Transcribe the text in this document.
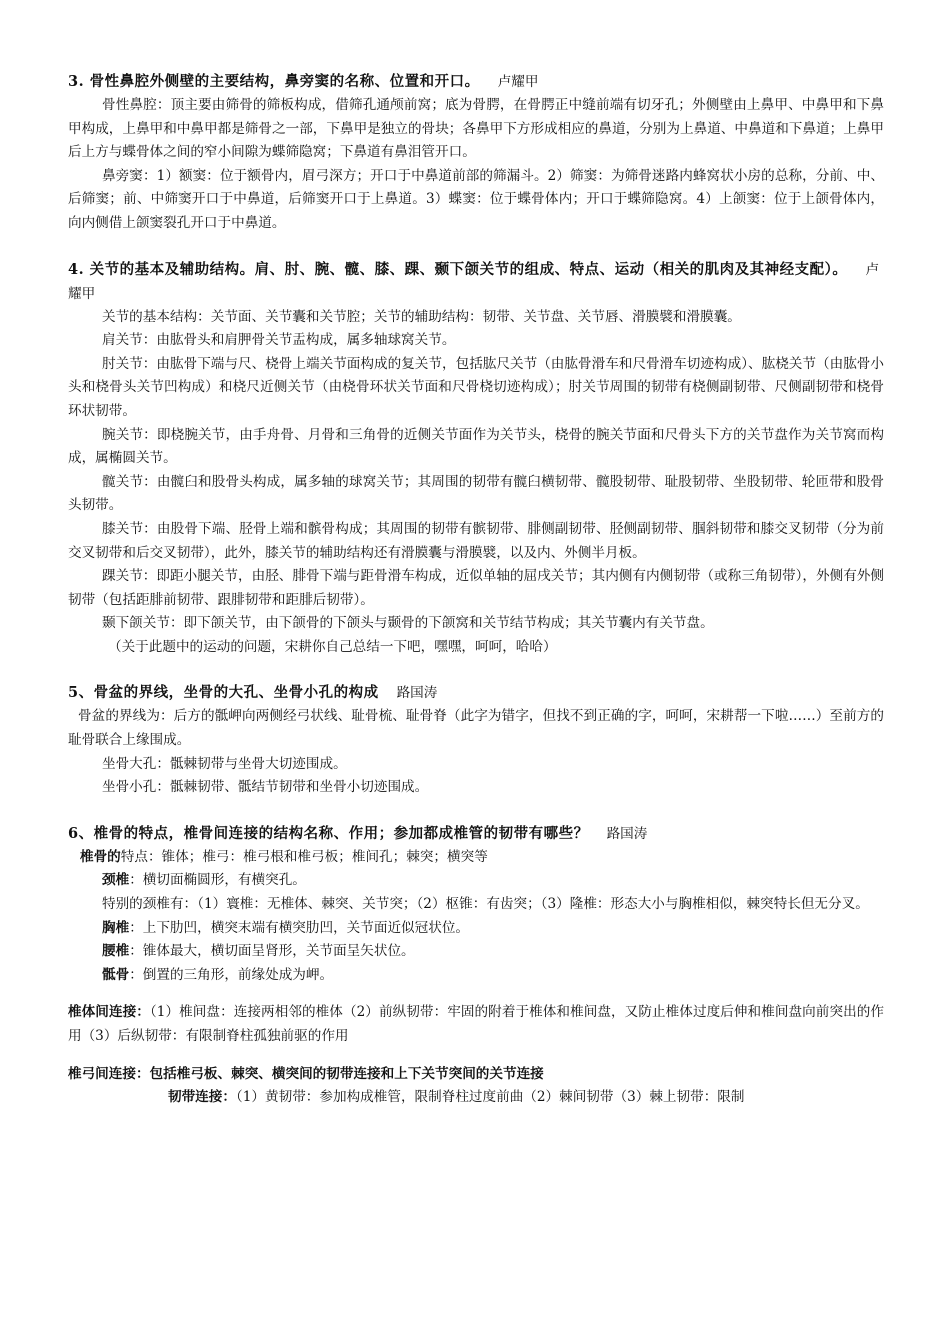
3. 骨性鼻腔外侧壁的主要结构，鼻旁窦的名称、位置和开口。 卢耀甲

骨性鼻腔：顶主要由筛骨的筛板构成，借筛孔通颅前窝；底为骨腭，在骨腭正中缝前端有切牙孔；外侧壁由上鼻甲、中鼻甲和下鼻甲构成，上鼻甲和中鼻甲都是筛骨之一部，下鼻甲是独立的骨块；各鼻甲下方形成相应的鼻道，分别为上鼻道、中鼻道和下鼻道；上鼻甲后上方与蝶骨体之间的窄小间隙为蝶筛隐窝；下鼻道有鼻泪管开口。

鼻旁窦：1）额窦：位于额骨内，眉弓深方；开口于中鼻道前部的筛漏斗。2）筛窦：为筛骨迷路内蜂窝状小房的总称，分前、中、后筛窦；前、中筛窦开口于中鼻道，后筛窦开口于上鼻道。3）蝶窦：位于蝶骨体内；开口于蝶筛隐窝。4）上颌窦：位于上颌骨体内，向内侧借上颌窦裂孔开口于中鼻道。

4. 关节的基本及辅助结构。肩、肘、腕、髋、膝、踝、颞下颌关节的组成、特点、运动（相关的肌肉及其神经支配）。 卢耀甲

关节的基本结构：关节面、关节囊和关节腔；关节的辅助结构：韧带、关节盘、关节唇、滑膜襞和滑膜囊。

肩关节：由肱骨头和肩胛骨关节盂构成，属多轴球窝关节。

肘关节：由肱骨下端与尺、桡骨上端关节面构成的复关节，包括肱尺关节（由肱骨滑车和尺骨滑车切迹构成）、肱桡关节（由肱骨小头和桡骨头关节凹构成）和桡尺近侧关节（由桡骨环状关节面和尺骨桡切迹构成）；肘关节周围的韧带有桡侧副韧带、尺侧副韧带和桡骨环状韧带。

腕关节：即桡腕关节，由手舟骨、月骨和三角骨的近侧关节面作为关节头，桡骨的腕关节面和尺骨头下方的关节盘作为关节窝而构成，属椭圆关节。

髋关节：由髋臼和股骨头构成，属多轴的球窝关节；其周围的韧带有髋臼横韧带、髋股韧带、耻股韧带、坐股韧带、轮匝带和股骨头韧带。

膝关节：由股骨下端、胫骨上端和髌骨构成；其周围的韧带有髌韧带、腓侧副韧带、胫侧副韧带、腘斜韧带和膝交叉韧带（分为前交叉韧带和后交叉韧带），此外，膝关节的辅助结构还有滑膜囊与滑膜襞，以及内、外侧半月板。

踝关节：即距小腿关节，由胫、腓骨下端与距骨滑车构成，近似单轴的屈戌关节；其内侧有内侧韧带（或称三角韧带），外侧有外侧韧带（包括距腓前韧带、跟腓韧带和距腓后韧带）。

颞下颌关节：即下颌关节，由下颌骨的下颌头与颞骨的下颌窝和关节结节构成；其关节囊内有关节盘。

（关于此题中的运动的问题，宋耕你自己总结一下吧，嘿嘿，呵呵，哈哈）

5、骨盆的界线，坐骨的大孔、坐骨小孔的构成 路国涛

骨盆的界线为：后方的骶岬向两侧经弓状线、耻骨梳、耻骨脊（此字为错字，但找不到正确的字，呵呵，宋耕帮一下啦……）至前方的耻骨联合上缘围成。

坐骨大孔：骶棘韧带与坐骨大切迹围成。

坐骨小孔：骶棘韧带、骶结节韧带和坐骨小切迹围成。

6、椎骨的特点，椎骨间连接的结构名称、作用；参加都成椎管的韧带有哪些？ 路国涛

椎骨的特点：锥体；椎弓：椎弓根和椎弓板；椎间孔；棘突；横突等

颈椎：横切面椭圆形，有横突孔。

特别的颈椎有：（1）寰椎：无椎体、棘突、关节突；（2）枢锥：有齿突；（3）隆椎：形态大小与胸椎相似，棘突特长但无分叉。

胸椎：上下肋凹，横突末端有横突肋凹，关节面近似冠状位。

腰椎：锥体最大，横切面呈肾形，关节面呈矢状位。

骶骨：倒置的三角形，前缘处成为岬。

椎体间连接：（1）椎间盘：连接两相邻的椎体（2）前纵韧带：牢固的附着于椎体和椎间盘，又防止椎体过度后伸和椎间盘向前突出的作用（3）后纵韧带：有限制脊柱孤独前驱的作用

椎弓间连接：包括椎弓板、棘突、横突间的韧带连接和上下关节突间的关节连接

韧带连接：（1）黄韧带：参加构成椎管，限制脊柱过度前曲（2）棘间韧带（3）棘上韧带：限制
